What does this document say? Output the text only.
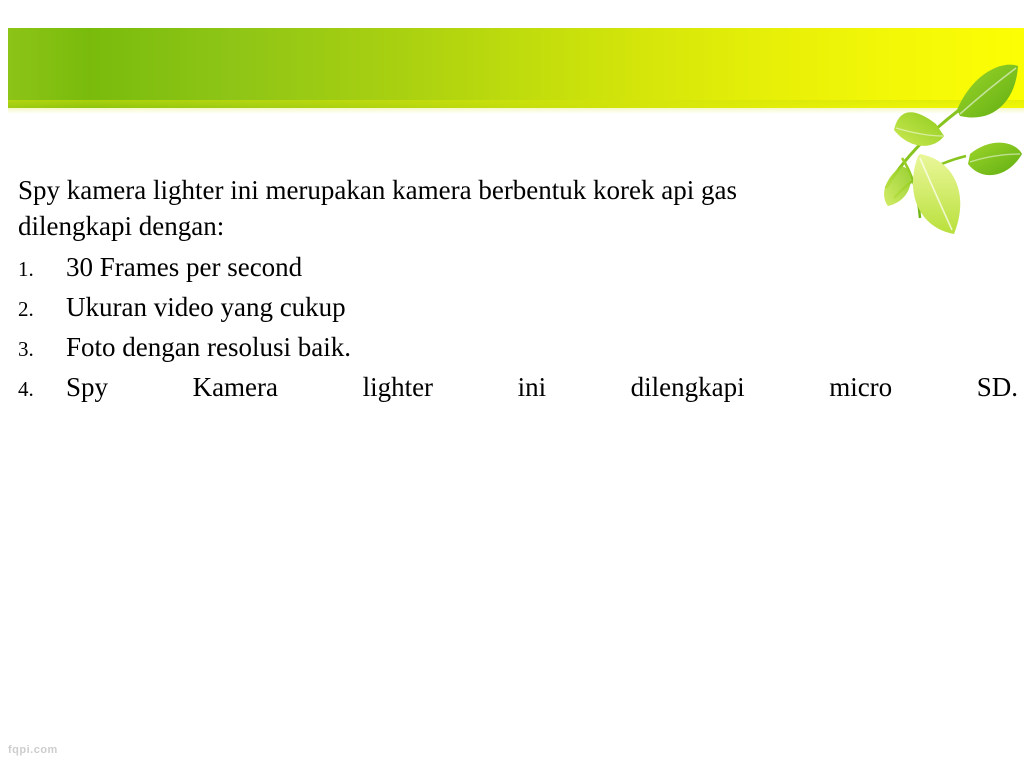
Spy kamera lighter ini merupakan kamera berbentuk korek api gas
dilengkapi dengan:

1.	30 Frames per second
2.	Ukuran video yang cukup
3.	Foto dengan resolusi baik.
4.	Spy Kamera lighter ini dilengkapi micro SD.
fqpi.com
